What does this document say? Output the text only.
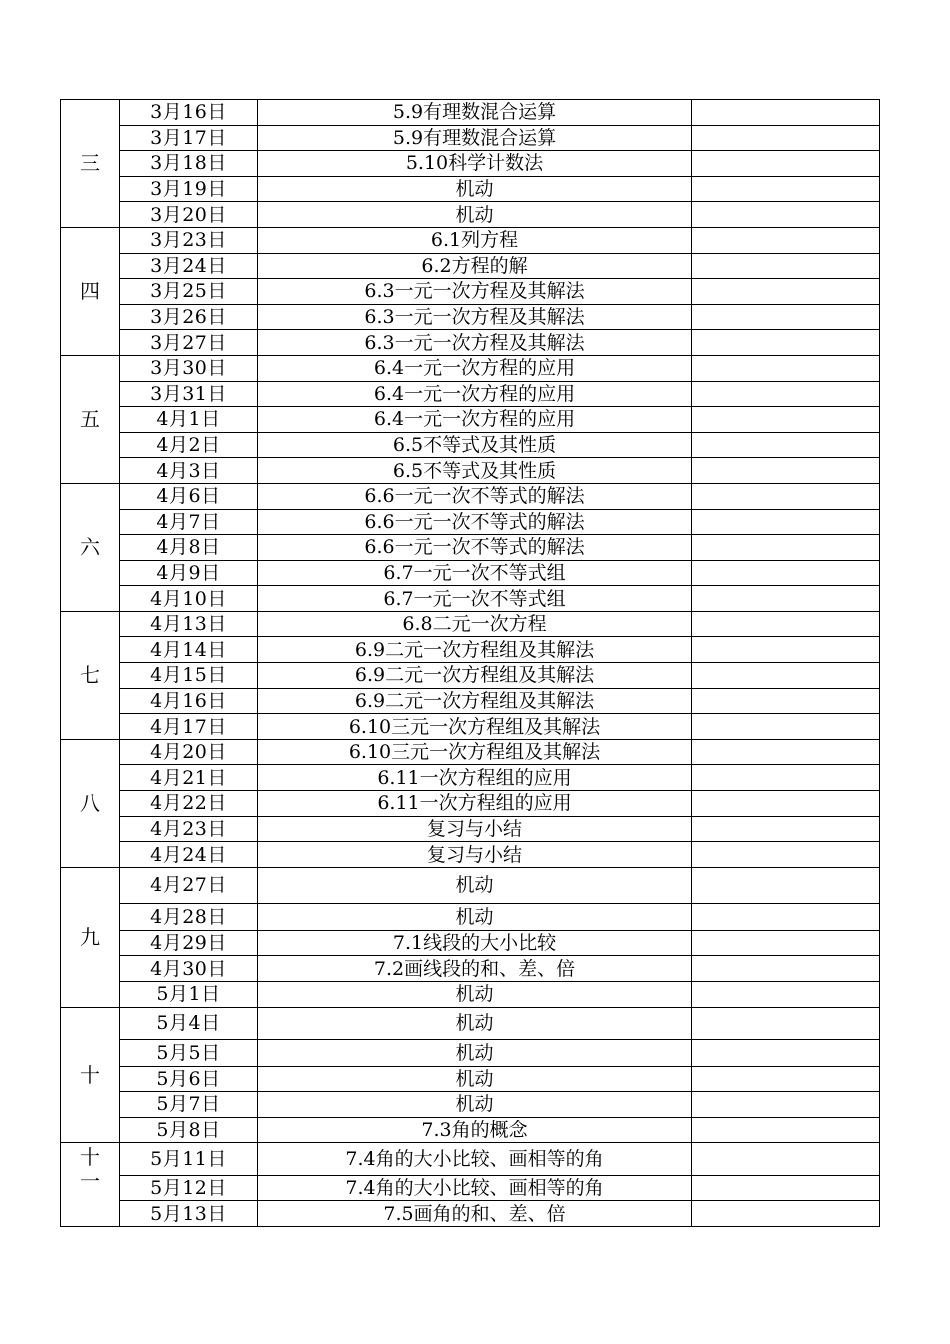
三	3月16日	5.9有理数混合运算	
	3月17日	5.9有理数混合运算	
	3月18日	5.10科学计数法	
	3月19日	机动	
	3月20日	机动	
四	3月23日	6.1列方程	
	3月24日	6.2方程的解	
	3月25日	6.3一元一次方程及其解法	
	3月26日	6.3一元一次方程及其解法	
	3月27日	6.3一元一次方程及其解法	
五	3月30日	6.4一元一次方程的应用	
	3月31日	6.4一元一次方程的应用	
	4月1日	6.4一元一次方程的应用	
	4月2日	6.5不等式及其性质	
	4月3日	6.5不等式及其性质	
六	4月6日	6.6一元一次不等式的解法	
	4月7日	6.6一元一次不等式的解法	
	4月8日	6.6一元一次不等式的解法	
	4月9日	6.7一元一次不等式组	
	4月10日	6.7一元一次不等式组	
七	4月13日	6.8二元一次方程	
	4月14日	6.9二元一次方程组及其解法	
	4月15日	6.9二元一次方程组及其解法	
	4月16日	6.9二元一次方程组及其解法	
	4月17日	6.10三元一次方程组及其解法	
八	4月20日	6.10三元一次方程组及其解法	
	4月21日	6.11一次方程组的应用	
	4月22日	6.11一次方程组的应用	
	4月23日	复习与小结	
	4月24日	复习与小结	
九	4月27日	机动	
	4月28日	机动	
	4月29日	7.1线段的大小比较	
	4月30日	7.2画线段的和、差、倍	
	5月1日	机动	
十	5月4日	机动	
	5月5日	机动	
	5月6日	机动	
	5月7日	机动	
	5月8日	7.3角的概念	
十一	5月11日	7.4角的大小比较、画相等的角	
	5月12日	7.4角的大小比较、画相等的角	
	5月13日	7.5画角的和、差、倍	
